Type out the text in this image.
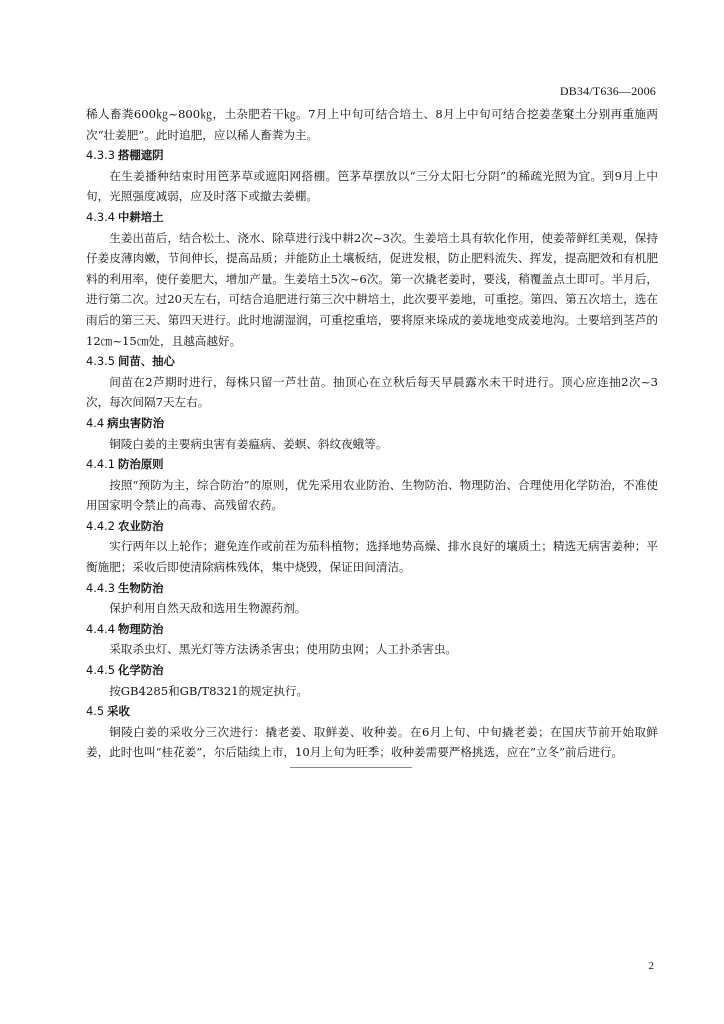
DB34/T636—2006

稀人畜粪600㎏~800㎏，土杂肥若干㎏。7月上中旬可结合培土、8月上中旬可结合挖姜垄窠土分别再重施两次“壮姜肥”。此时追肥，应以稀人畜粪为主。

4.3.3 搭棚遮阴

在生姜播种结束时用笆茅草或遮阳网搭棚。笆茅草摆放以“三分太阳七分阴”的稀疏光照为宜。到9月上中旬，光照强度减弱，应及时落下或撤去姜棚。

4.3.4 中耕培土

生姜出苗后，结合松土、浇水、除草进行浅中耕2次~3次。生姜培土具有软化作用，使姜蒂鲜红美观，保持仔姜皮薄肉嫩，节间伸长，提高品质；并能防止土壤板结，促进发根，防止肥料流失、挥发，提高肥效和有机肥料的利用率，使仔姜肥大，增加产量。生姜培土5次~6次。第一次撬老姜时，要浅，稍覆盖点土即可。半月后，进行第二次。过20天左右，可结合追肥进行第三次中耕培土，此次要平姜地，可重挖。第四、第五次培土，选在雨后的第三天、第四天进行。此时地湖湿润，可重挖重培，要将原来垛成的姜垅地变成姜地沟。土要培到茎芦的12㎝~15㎝处，且越高越好。

4.3.5 间苗、抽心

间苗在2芦期时进行，每株只留一芦壮苗。抽顶心在立秋后每天早晨露水未干时进行。顶心应连抽2次~3次，每次间隔7天左右。

4.4 病虫害防治

铜陵白姜的主要病虫害有姜瘟病、姜螟、斜纹夜蛾等。

4.4.1 防治原则

按照“预防为主，综合防治”的原则，优先采用农业防治、生物防治、物理防治、合理使用化学防治，不准使用国家明令禁止的高毒、高残留农药。

4.4.2 农业防治

实行两年以上轮作；避免连作或前茬为茄科植物；选择地势高燥、排水良好的壤质土；精选无病害姜种；平衡施肥；采收后即使清除病株残体，集中烧毁，保证田间清洁。

4.4.3 生物防治

保护利用自然天敌和选用生物源药剂。

4.4.4 物理防治

采取杀虫灯、黑光灯等方法诱杀害虫；使用防虫网；人工扑杀害虫。

4.4.5 化学防治

按GB4285和GB/T8321的规定执行。

4.5 采收

铜陵白姜的采收分三次进行：撬老姜、取鲜姜、收种姜。在6月上旬、中旬撬老姜；在国庆节前开始取鲜姜，此时也叫“桂花姜”，尔后陆续上市，10月上旬为旺季；收种姜需要严格挑选，应在“立冬”前后进行。

2
